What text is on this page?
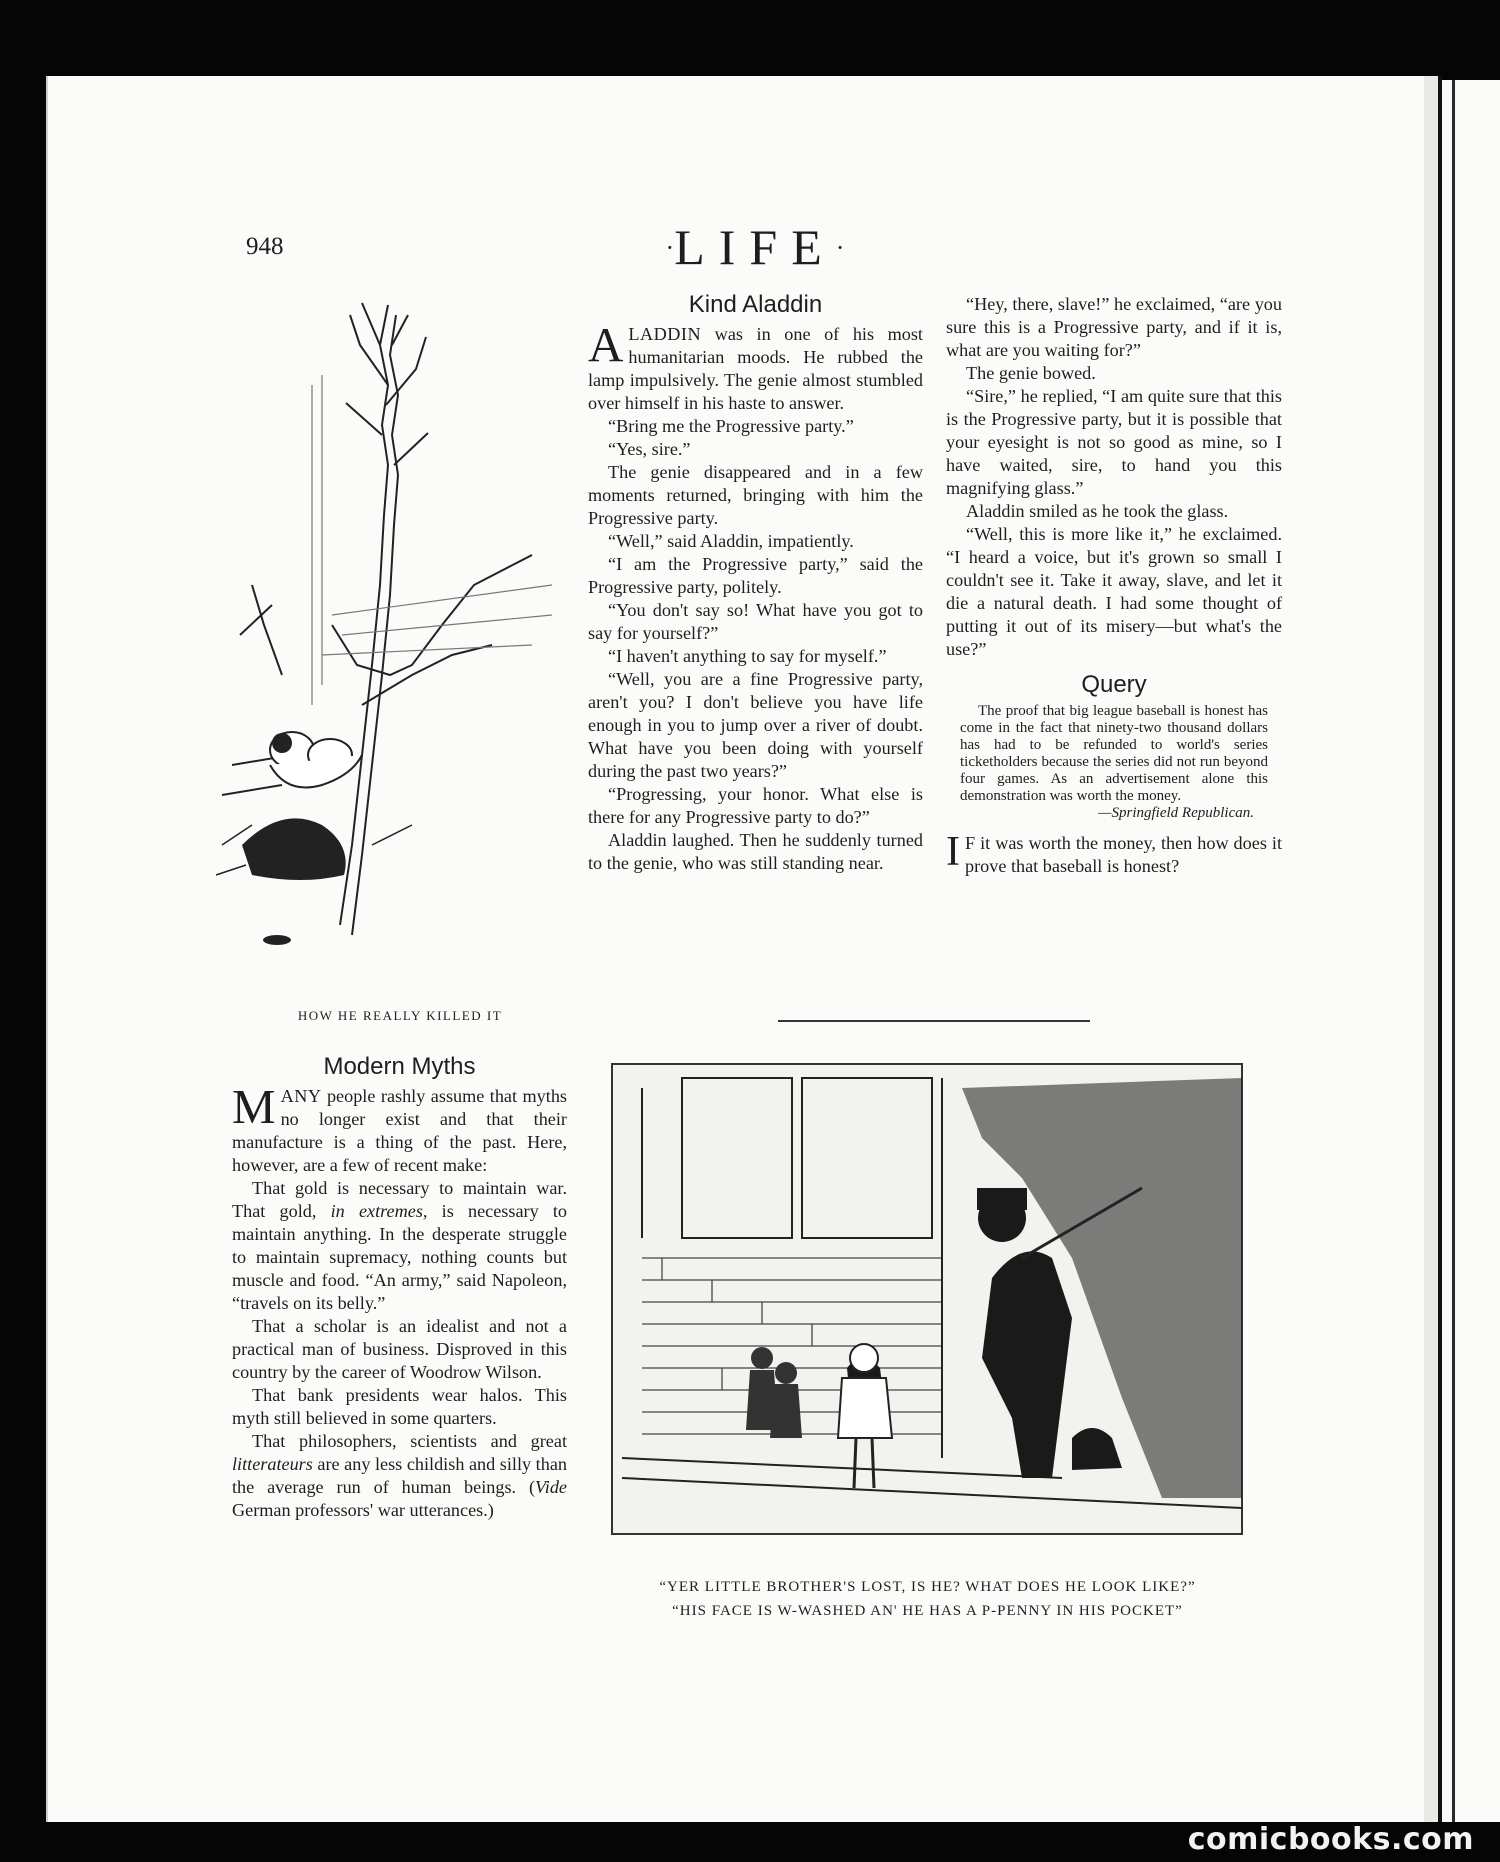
comicbooks.com
948	·LIFE·
HOW HE REALLY KILLED IT
Kind Aladdin

ALADDIN was in one of his most humanitarian moods. He rubbed the lamp impulsively. The genie almost stumbled over himself in his haste to answer.

“Bring me the Progressive party.”

“Yes, sire.”

The genie disappeared and in a few moments returned, bringing with him the Progressive party.

“Well,” said Aladdin, impatiently.

“I am the Progressive party,” said the Progressive party, politely.

“You don't say so! What have you got to say for yourself?”

“I haven't anything to say for myself.”

“Well, you are a fine Progressive party, aren't you? I don't believe you have life enough in you to jump over a river of doubt. What have you been doing with yourself during the past two years?”

“Progressing, your honor. What else is there for any Progressive party to do?”

Aladdin laughed. Then he suddenly turned to the genie, who was still standing near.

“Hey, there, slave!” he exclaimed, “are you sure this is a Progressive party, and if it is, what are you waiting for?”

The genie bowed.

“Sire,” he replied, “I am quite sure that this is the Progressive party, but it is possible that your eyesight is not so good as mine, so I have waited, sire, to hand you this magnifying glass.”

Aladdin smiled as he took the glass.

“Well, this is more like it,” he exclaimed. “I heard a voice, but it's grown so small I couldn't see it. Take it away, slave, and let it die a natural death. I had some thought of putting it out of its misery—but what's the use?”

Query

The proof that big league baseball is honest has come in the fact that ninety-two thousand dollars has had to be refunded to world's series ticketholders because the series did not run beyond four games. As an advertisement alone this demonstration was worth the money.

—Springfield Republican.

I F it was worth the money, then how does it prove that baseball is honest?

Modern Myths

MANY people rashly assume that myths no longer exist and that their manufacture is a thing of the past. Here, however, are a few of recent make:

That gold is necessary to maintain war. That gold, in extremes, is necessary to maintain anything. In the desperate struggle to maintain supremacy, nothing counts but muscle and food. “An army,” said Napoleon, “travels on its belly.”

That a scholar is an idealist and not a practical man of business. Disproved in this country by the career of Woodrow Wilson.

That bank presidents wear halos. This myth still believed in some quarters.

That philosophers, scientists and great litterateurs are any less childish and silly than the average run of human beings. (Vide German professors' war utterances.)

“YER LITTLE BROTHER'S LOST, IS HE? WHAT DOES HE LOOK LIKE?”
“HIS FACE IS W-WASHED AN' HE HAS A P-PENNY IN HIS POCKET”
